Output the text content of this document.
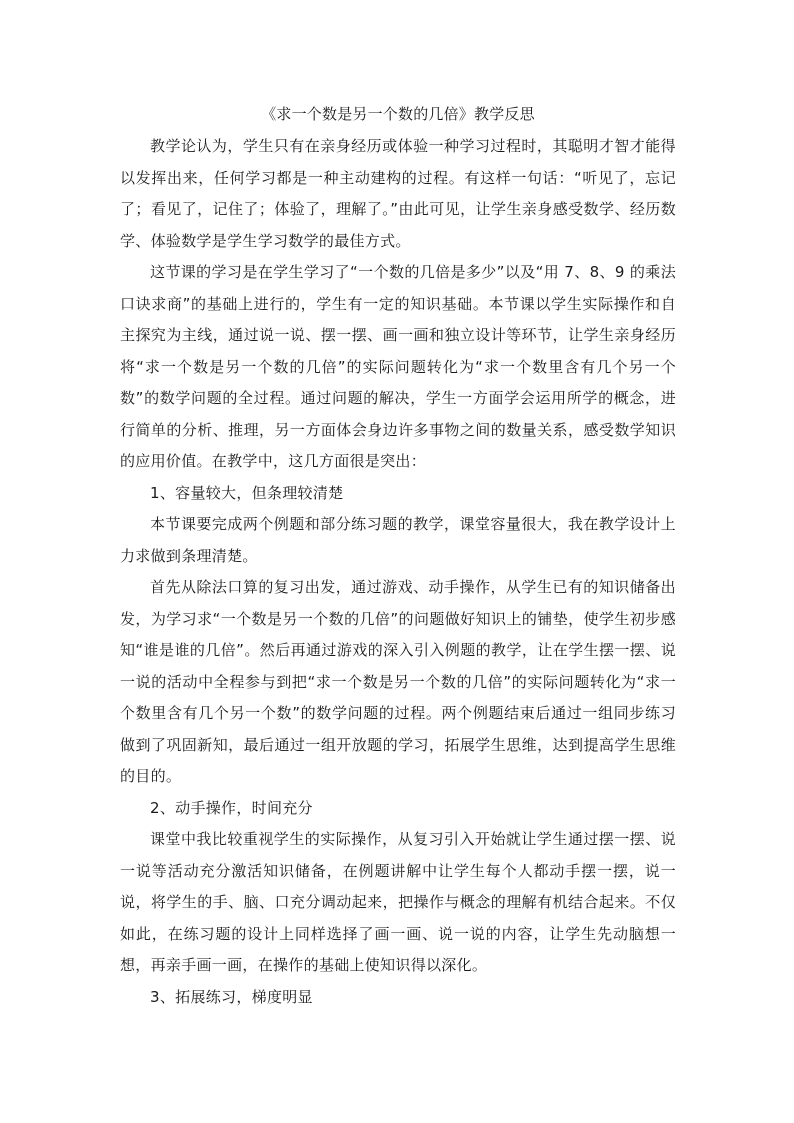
《求一个数是另一个数的几倍》教学反思

教学论认为，学生只有在亲身经历或体验一种学习过程时，其聪明才智才能得以发挥出来，任何学习都是一种主动建构的过程。有这样一句话：“听见了，忘记了；看见了，记住了；体验了，理解了。”由此可见，让学生亲身感受数学、经历数学、体验数学是学生学习数学的最佳方式。

这节课的学习是在学生学习了“一个数的几倍是多少”以及“用 7、8、9 的乘法口诀求商”的基础上进行的，学生有一定的知识基础。本节课以学生实际操作和自主探究为主线，通过说一说、摆一摆、画一画和独立设计等环节，让学生亲身经历将“求一个数是另一个数的几倍”的实际问题转化为“求一个数里含有几个另一个数”的数学问题的全过程。通过问题的解决，学生一方面学会运用所学的概念，进行简单的分析、推理，另一方面体会身边许多事物之间的数量关系，感受数学知识的应用价值。在教学中，这几方面很是突出：

1、容量较大，但条理较清楚

本节课要完成两个例题和部分练习题的教学，课堂容量很大，我在教学设计上力求做到条理清楚。

首先从除法口算的复习出发，通过游戏、动手操作，从学生已有的知识储备出发，为学习求“一个数是另一个数的几倍”的问题做好知识上的铺垫，使学生初步感知“谁是谁的几倍”。然后再通过游戏的深入引入例题的教学，让在学生摆一摆、说一说的活动中全程参与到把“求一个数是另一个数的几倍”的实际问题转化为“求一个数里含有几个另一个数”的数学问题的过程。两个例题结束后通过一组同步练习做到了巩固新知，最后通过一组开放题的学习，拓展学生思维，达到提高学生思维的目的。

2、动手操作，时间充分

课堂中我比较重视学生的实际操作，从复习引入开始就让学生通过摆一摆、说一说等活动充分激活知识储备，在例题讲解中让学生每个人都动手摆一摆，说一说，将学生的手、脑、口充分调动起来，把操作与概念的理解有机结合起来。不仅如此，在练习题的设计上同样选择了画一画、说一说的内容，让学生先动脑想一想，再亲手画一画，在操作的基础上使知识得以深化。

3、拓展练习，梯度明显
